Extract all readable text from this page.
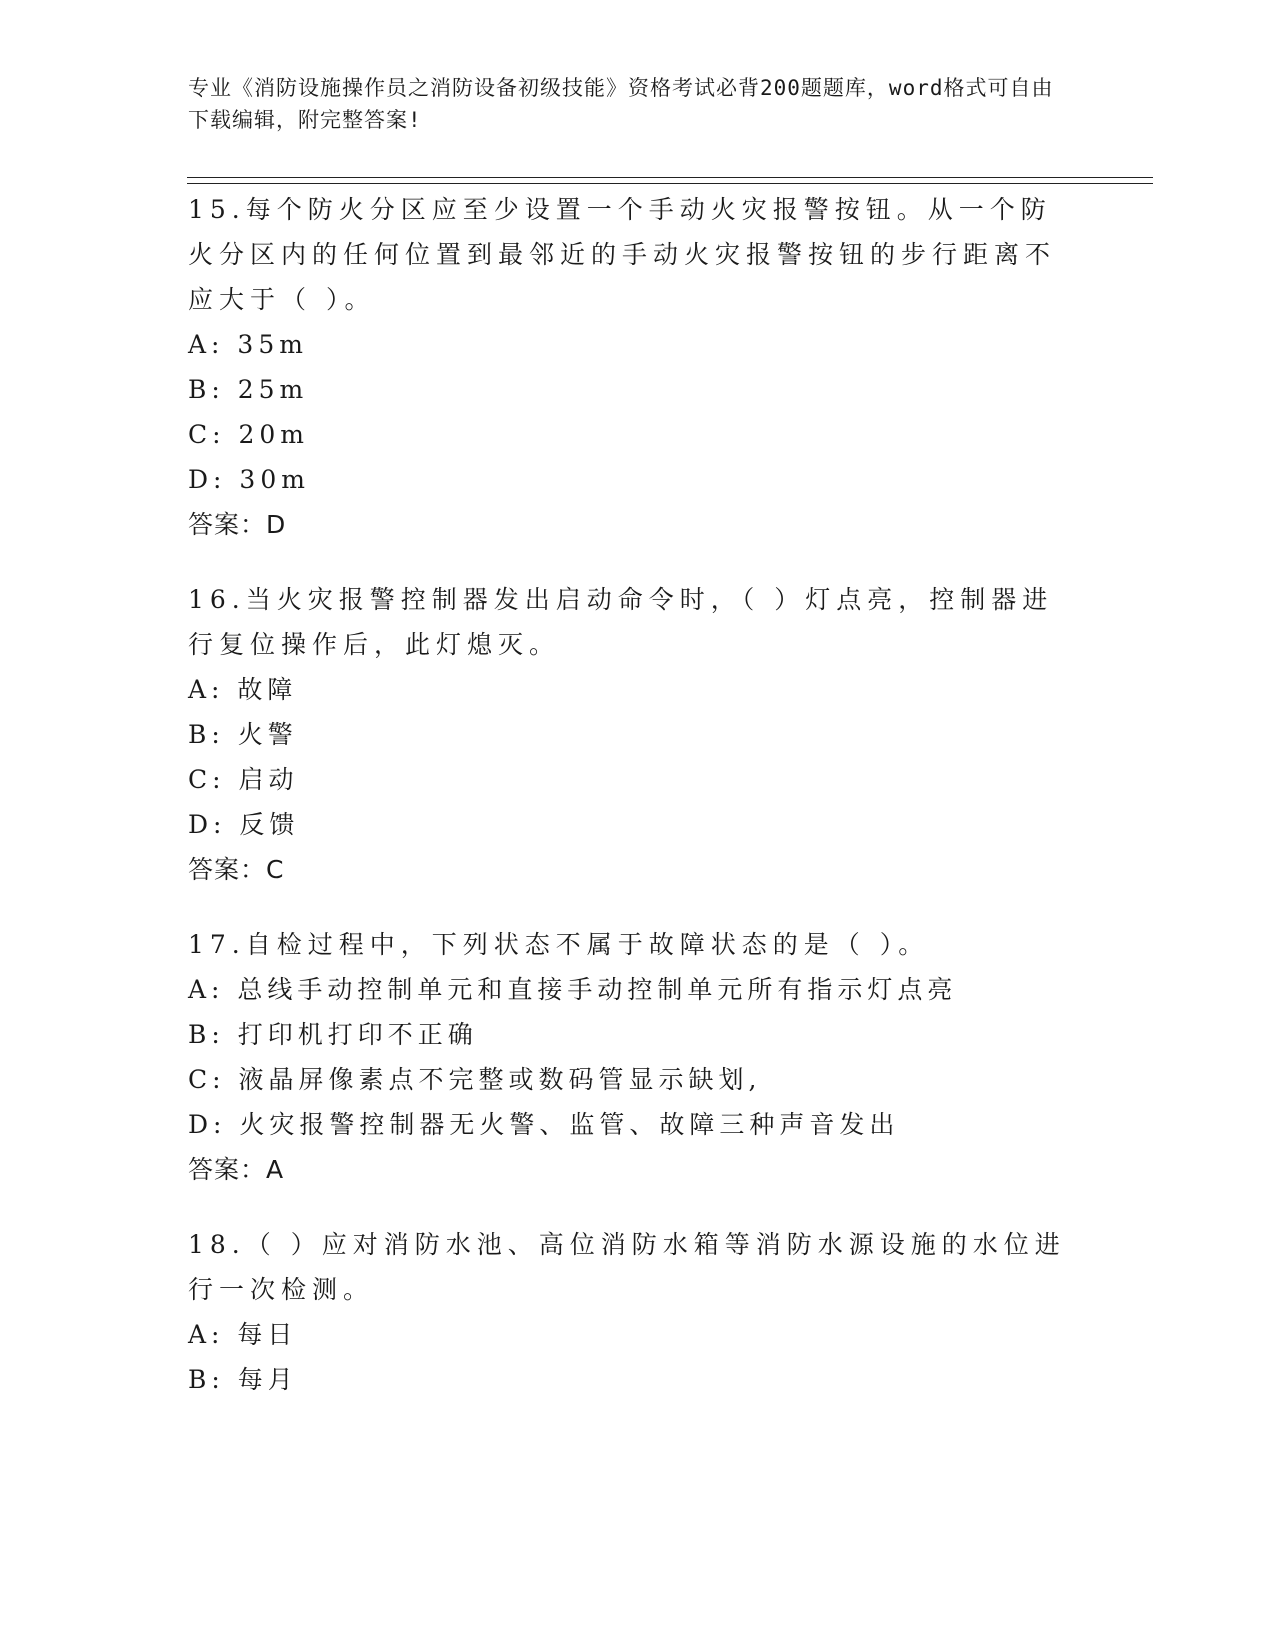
专业《消防设施操作员之消防设备初级技能》资格考试必背200题题库，word格式可自由下载编辑，附完整答案!

15.每个防火分区应至少设置一个手动火灾报警按钮。从一个防火分区内的任何位置到最邻近的手动火灾报警按钮的步行距离不应大于（ ）。

A: 35m

B: 25m

C: 20m

D: 30m

答案：D

16.当火灾报警控制器发出启动命令时，（ ）灯点亮，控制器进行复位操作后，此灯熄灭。

A: 故障

B: 火警

C: 启动

D: 反馈

答案：C

17.自检过程中，下列状态不属于故障状态的是（ ）。

A: 总线手动控制单元和直接手动控制单元所有指示灯点亮

B: 打印机打印不正确

C: 液晶屏像素点不完整或数码管显示缺划,

D: 火灾报警控制器无火警、监管、故障三种声音发出

答案：A

18.（ ）应对消防水池、高位消防水箱等消防水源设施的水位进行一次检测。

A: 每日

B: 每月
